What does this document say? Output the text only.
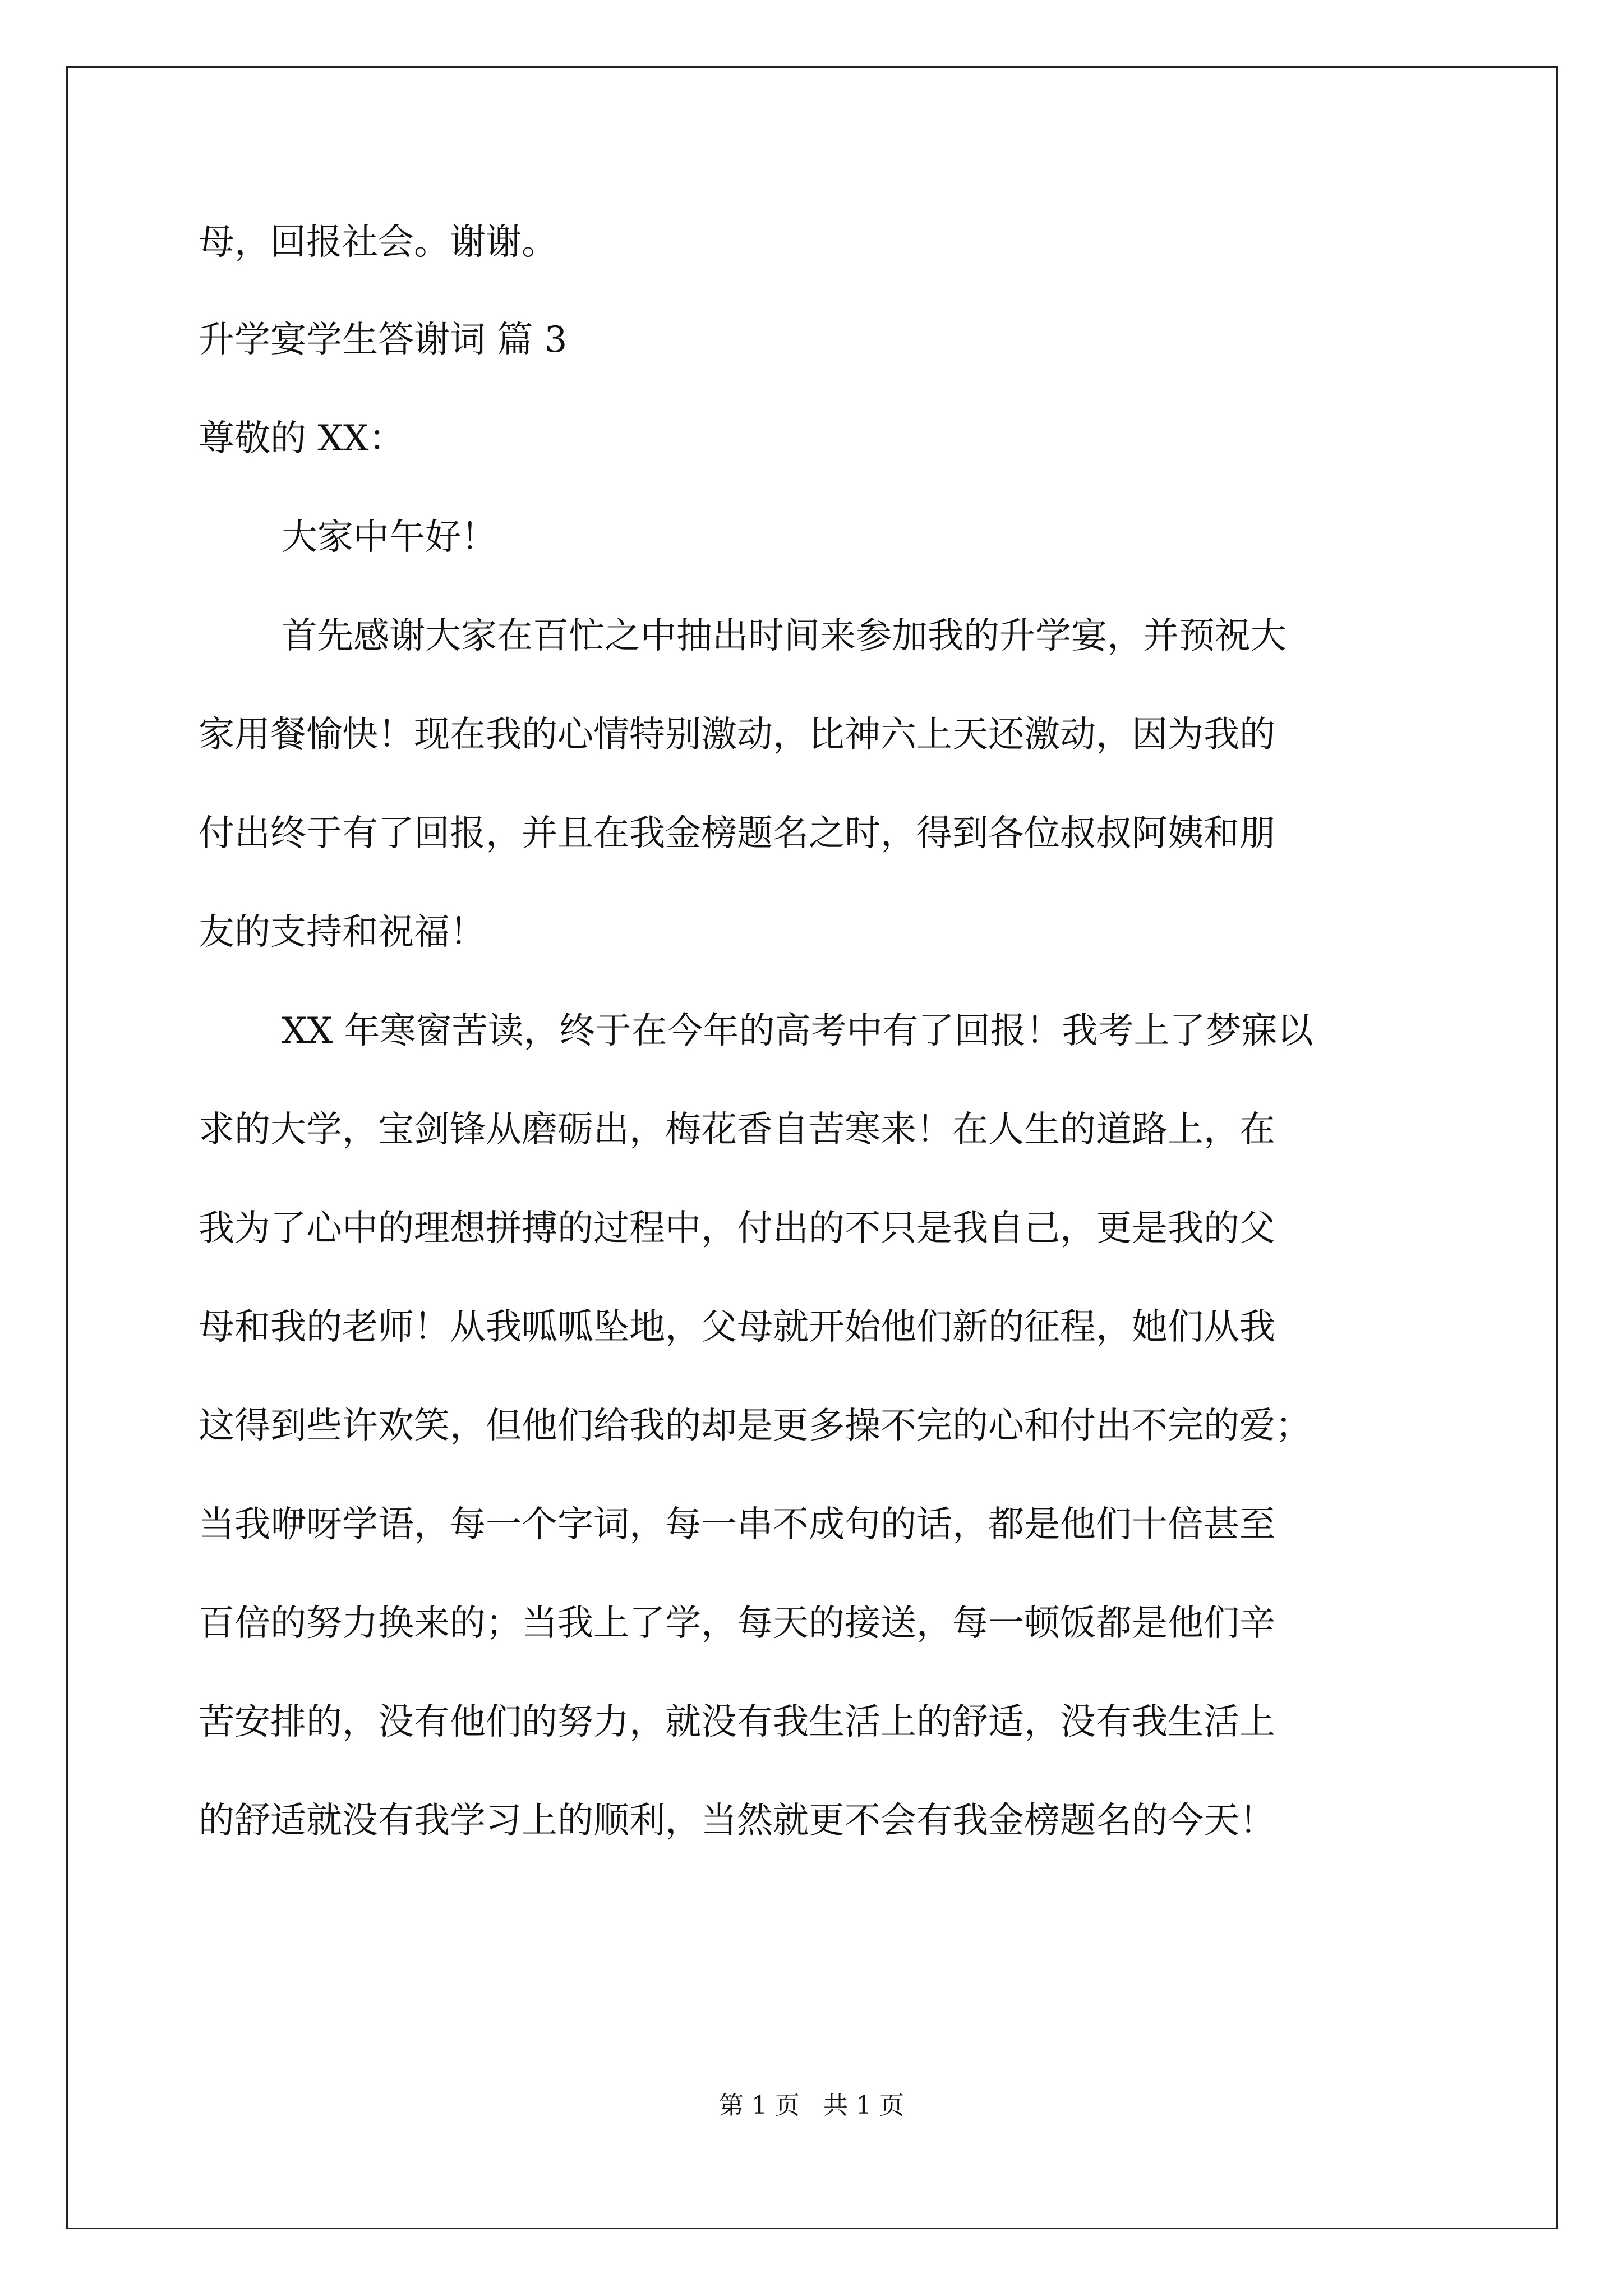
母，回报社会。谢谢。
升学宴学生答谢词 篇 3
尊敬的 XX：
大家中午好！
首先感谢大家在百忙之中抽出时间来参加我的升学宴，并预祝大
家用餐愉快！现在我的心情特别激动，比神六上天还激动，因为我的
付出终于有了回报，并且在我金榜题名之时，得到各位叔叔阿姨和朋
友的支持和祝福！
XX 年寒窗苦读，终于在今年的高考中有了回报！我考上了梦寐以
求的大学，宝剑锋从磨砺出，梅花香自苦寒来！在人生的道路上，在
我为了心中的理想拼搏的过程中，付出的不只是我自己，更是我的父
母和我的老师！从我呱呱坠地，父母就开始他们新的征程，她们从我
这得到些许欢笑，但他们给我的却是更多操不完的心和付出不完的爱；
当我咿呀学语，每一个字词，每一串不成句的话，都是他们十倍甚至
百倍的努力换来的；当我上了学，每天的接送，每一顿饭都是他们辛
苦安排的，没有他们的努力，就没有我生活上的舒适，没有我生活上
的舒适就没有我学习上的顺利，当然就更不会有我金榜题名的今天！
第 1 页   共 1 页
